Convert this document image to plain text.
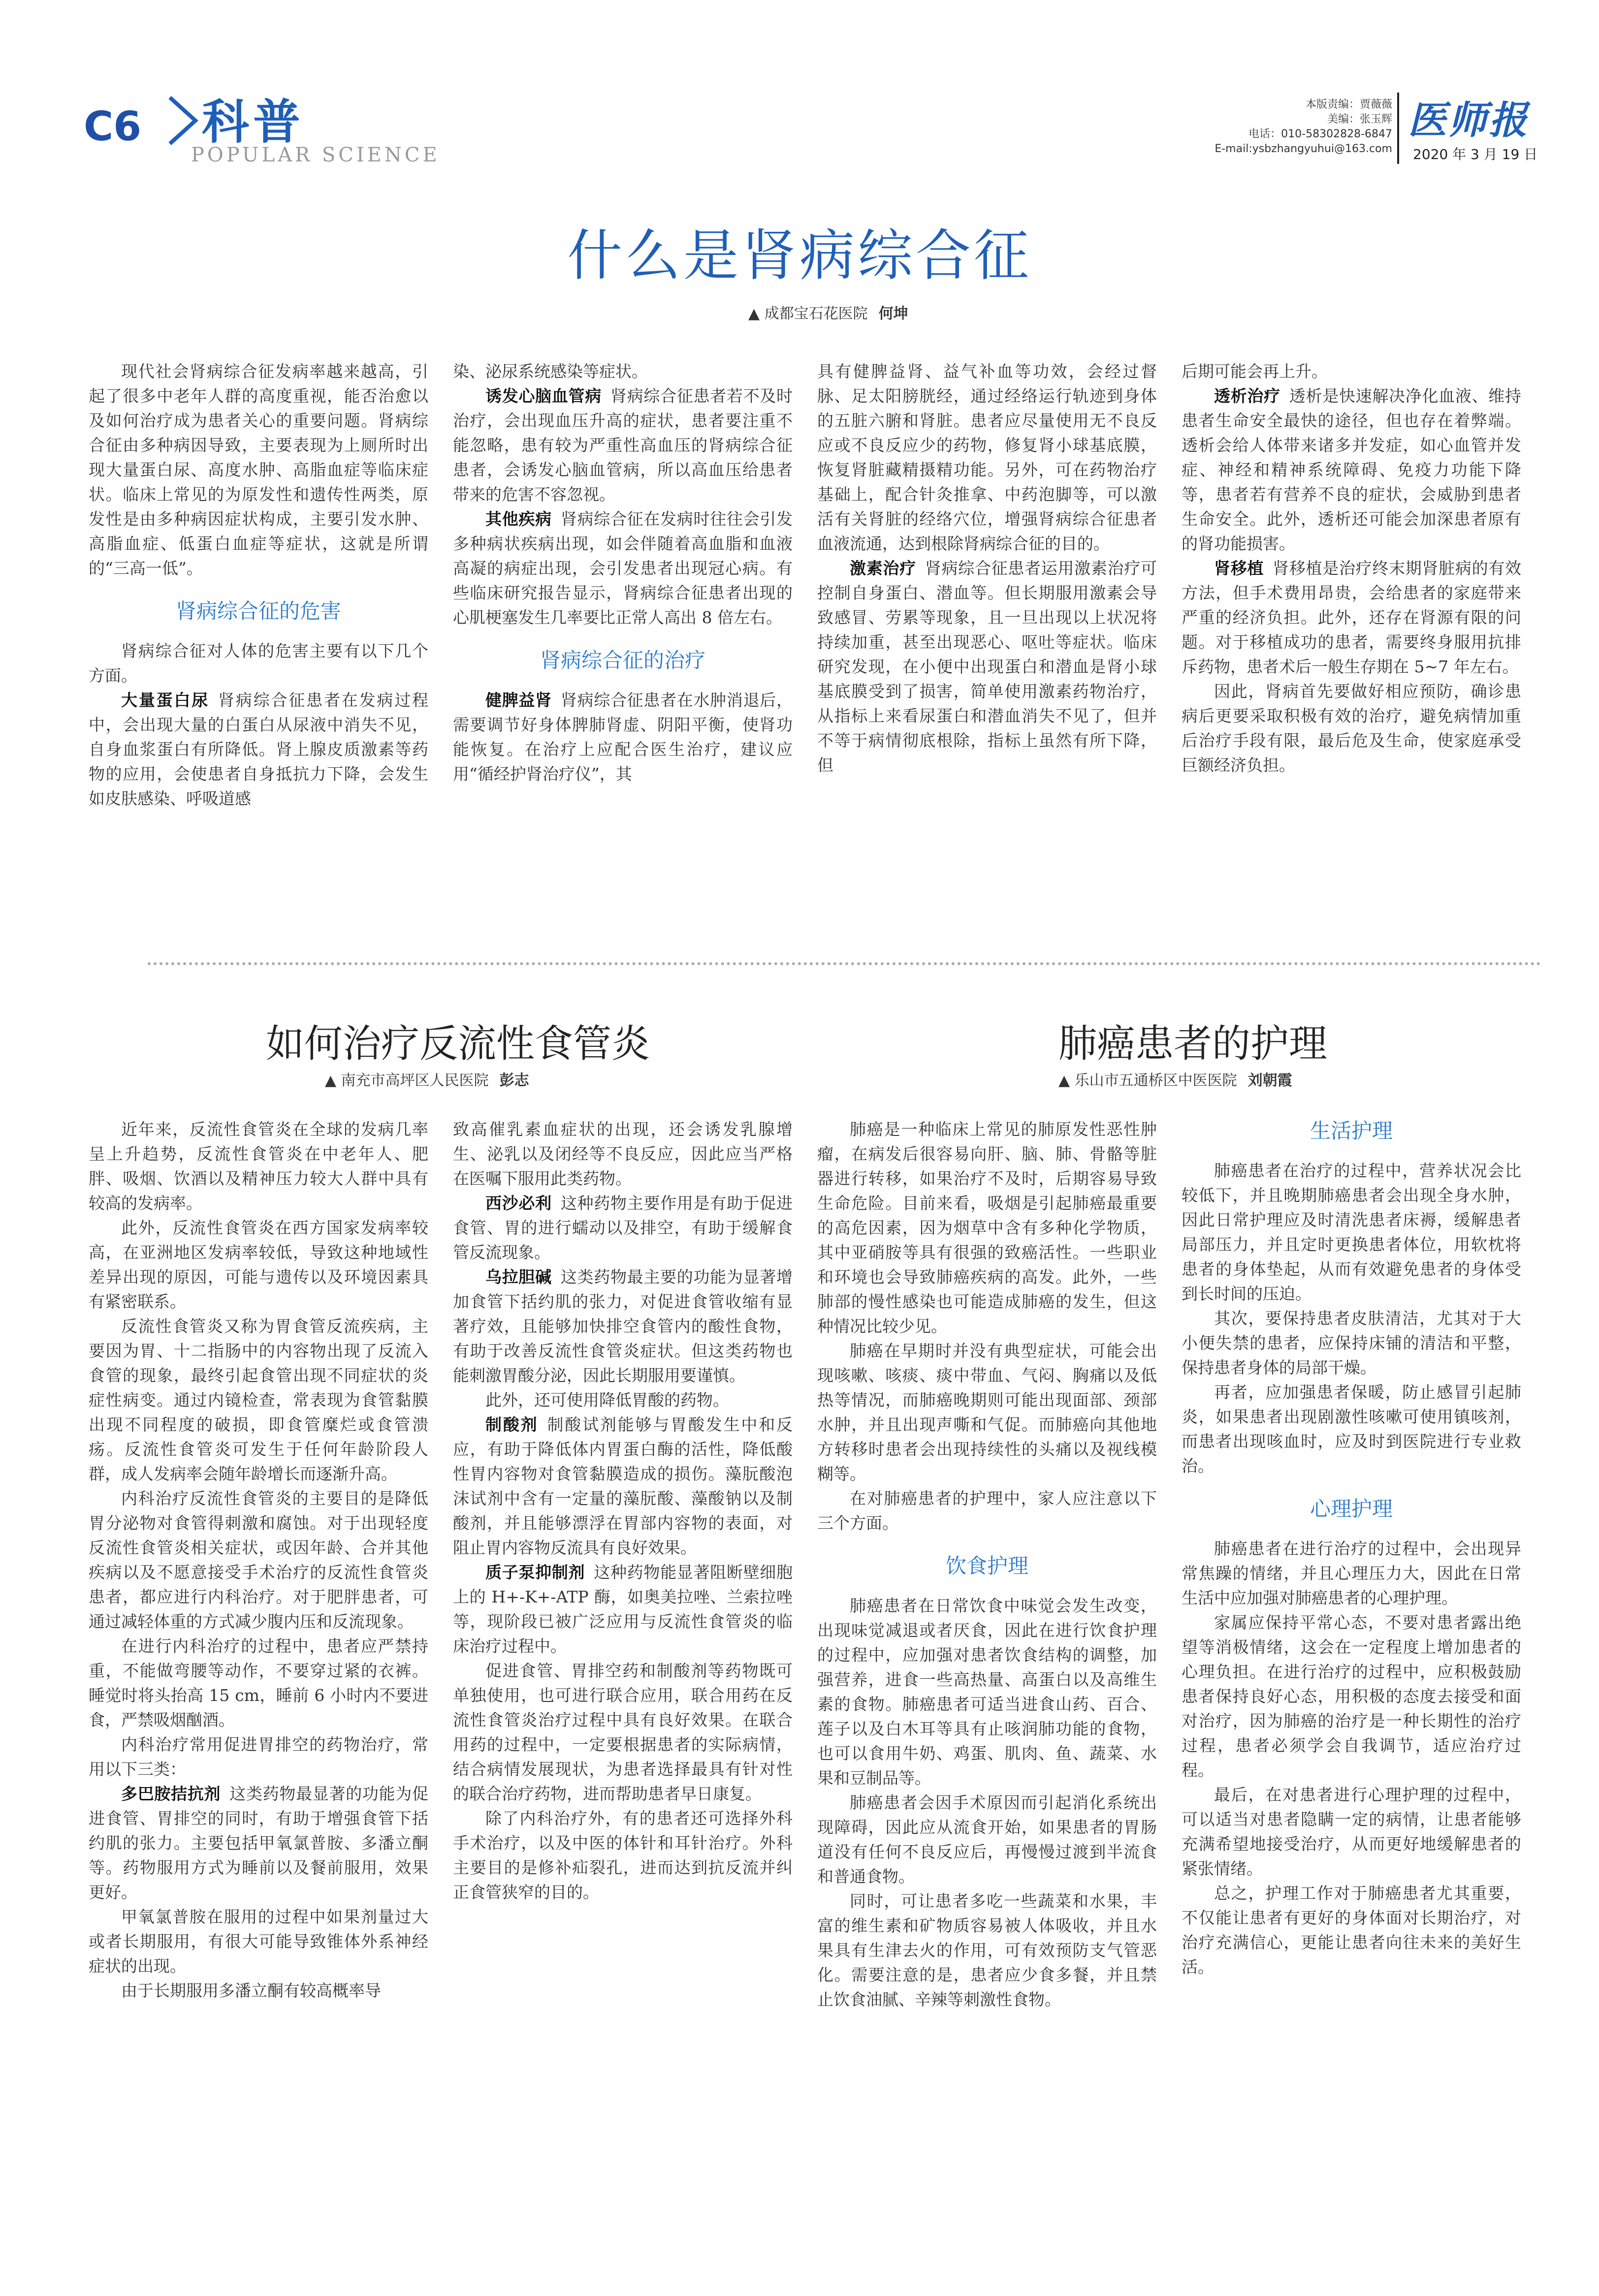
C6 科普
POPULAR SCIENCE
本版责编：贾薇薇
美编：张玉辉
电话：010-58302828-6847
E-mail:ysbzhangyuhui@163.com
医师报
2020 年 3 月 19 日
什么是肾病综合征
▲ 成都宝石花医院 何坤

现代社会肾病综合征发病率越来越高，引起了很多中老年人群的高度重视，能否治愈以及如何治疗成为患者关心的重要问题。肾病综合征由多种病因导致，主要表现为上厕所时出现大量蛋白尿、高度水肿、高脂血症等临床症状。临床上常见的为原发性和遗传性两类，原发性是由多种病因症状构成，主要引发水肿、高脂血症、低蛋白血症等症状，这就是所谓的“三高一低”。

肾病综合征的危害

肾病综合征对人体的危害主要有以下几个方面。

大量蛋白尿 肾病综合征患者在发病过程中，会出现大量的白蛋白从尿液中消失不见，自身血浆蛋白有所降低。肾上腺皮质激素等药物的应用，会使患者自身抵抗力下降，会发生如皮肤感染、呼吸道感

染、泌尿系统感染等症状。

诱发心脑血管病 肾病综合征患者若不及时治疗，会出现血压升高的症状，患者要注重不能忽略，患有较为严重性高血压的肾病综合征患者，会诱发心脑血管病，所以高血压给患者带来的危害不容忽视。

其他疾病 肾病综合征在发病时往往会引发多种病状疾病出现，如会伴随着高血脂和血液高凝的病症出现，会引发患者出现冠心病。有些临床研究报告显示，肾病综合征患者出现的心肌梗塞发生几率要比正常人高出 8 倍左右。

肾病综合征的治疗

健脾益肾 肾病综合征患者在水肿消退后，需要调节好身体脾肺肾虚、阴阳平衡，使肾功能恢复。在治疗上应配合医生治疗，建议应用“循经护肾治疗仪”，其

具有健脾益肾、益气补血等功效，会经过督脉、足太阳膀胱经，通过经络运行轨迹到身体的五脏六腑和肾脏。患者应尽量使用无不良反应或不良反应少的药物，修复肾小球基底膜，恢复肾脏藏精摄精功能。另外，可在药物治疗基础上，配合针灸推拿、中药泡脚等，可以激活有关肾脏的经络穴位，增强肾病综合征患者血液流通，达到根除肾病综合征的目的。

激素治疗 肾病综合征患者运用激素治疗可控制自身蛋白、潜血等。但长期服用激素会导致感冒、劳累等现象，且一旦出现以上状况将持续加重，甚至出现恶心、呕吐等症状。临床研究发现，在小便中出现蛋白和潜血是肾小球基底膜受到了损害，简单使用激素药物治疗，从指标上来看尿蛋白和潜血消失不见了，但并不等于病情彻底根除，指标上虽然有所下降，但

后期可能会再上升。

透析治疗 透析是快速解决净化血液、维持患者生命安全最快的途径，但也存在着弊端。透析会给人体带来诸多并发症，如心血管并发症、神经和精神系统障碍、免疫力功能下降等，患者若有营养不良的症状，会威胁到患者生命安全。此外，透析还可能会加深患者原有的肾功能损害。

肾移植 肾移植是治疗终末期肾脏病的有效方法，但手术费用昂贵，会给患者的家庭带来严重的经济负担。此外，还存在肾源有限的问题。对于移植成功的患者，需要终身服用抗排斥药物，患者术后一般生存期在 5~7 年左右。

因此，肾病首先要做好相应预防，确诊患病后更要采取积极有效的治疗，避免病情加重后治疗手段有限，最后危及生命，使家庭承受巨额经济负担。

如何治疗反流性食管炎
▲ 南充市高坪区人民医院 彭志

近年来，反流性食管炎在全球的发病几率呈上升趋势，反流性食管炎在中老年人、肥胖、吸烟、饮酒以及精神压力较大人群中具有较高的发病率。

此外，反流性食管炎在西方国家发病率较高，在亚洲地区发病率较低，导致这种地域性差异出现的原因，可能与遗传以及环境因素具有紧密联系。

反流性食管炎又称为胃食管反流疾病，主要因为胃、十二指肠中的内容物出现了反流入食管的现象，最终引起食管出现不同症状的炎症性病变。通过内镜检查，常表现为食管黏膜出现不同程度的破损，即食管糜烂或食管溃疡。反流性食管炎可发生于任何年龄阶段人群，成人发病率会随年龄增长而逐渐升高。

内科治疗反流性食管炎的主要目的是降低胃分泌物对食管得刺激和腐蚀。对于出现轻度反流性食管炎相关症状，或因年龄、合并其他疾病以及不愿意接受手术治疗的反流性食管炎患者，都应进行内科治疗。对于肥胖患者，可通过减轻体重的方式减少腹内压和反流现象。

在进行内科治疗的过程中，患者应严禁持重，不能做弯腰等动作，不要穿过紧的衣裤。睡觉时将头抬高 15 cm，睡前 6 小时内不要进食，严禁吸烟酗酒。

内科治疗常用促进胃排空的药物治疗，常用以下三类：

多巴胺拮抗剂 这类药物最显著的功能为促进食管、胃排空的同时，有助于增强食管下括约肌的张力。主要包括甲氧氯普胺、多潘立酮等。药物服用方式为睡前以及餐前服用，效果更好。

甲氧氯普胺在服用的过程中如果剂量过大或者长期服用，有很大可能导致锥体外系神经症状的出现。

由于长期服用多潘立酮有较高概率导

致高催乳素血症状的出现，还会诱发乳腺增生、泌乳以及闭经等不良反应，因此应当严格在医嘱下服用此类药物。

西沙必利 这种药物主要作用是有助于促进食管、胃的进行蠕动以及排空，有助于缓解食管反流现象。

乌拉胆碱 这类药物最主要的功能为显著增加食管下括约肌的张力，对促进食管收缩有显著疗效，且能够加快排空食管内的酸性食物，有助于改善反流性食管炎症状。但这类药物也能刺激胃酸分泌，因此长期服用要谨慎。

此外，还可使用降低胃酸的药物。

制酸剂 制酸试剂能够与胃酸发生中和反应，有助于降低体内胃蛋白酶的活性，降低酸性胃内容物对食管黏膜造成的损伤。藻朊酸泡沫试剂中含有一定量的藻朊酸、藻酸钠以及制酸剂，并且能够漂浮在胃部内容物的表面，对阻止胃内容物反流具有良好效果。

质子泵抑制剂 这种药物能显著阻断壁细胞上的 H+-K+-ATP 酶，如奥美拉唑、兰索拉唑等，现阶段已被广泛应用与反流性食管炎的临床治疗过程中。

促进食管、胃排空药和制酸剂等药物既可单独使用，也可进行联合应用，联合用药在反流性食管炎治疗过程中具有良好效果。在联合用药的过程中，一定要根据患者的实际病情，结合病情发展现状，为患者选择最具有针对性的联合治疗药物，进而帮助患者早日康复。

除了内科治疗外，有的患者还可选择外科手术治疗，以及中医的体针和耳针治疗。外科主要目的是修补疝裂孔，进而达到抗反流并纠正食管狭窄的目的。

肺癌患者的护理
▲ 乐山市五通桥区中医医院 刘朝霞

肺癌是一种临床上常见的肺原发性恶性肿瘤，在病发后很容易向肝、脑、肺、骨骼等脏器进行转移，如果治疗不及时，后期容易导致生命危险。目前来看，吸烟是引起肺癌最重要的高危因素，因为烟草中含有多种化学物质，其中亚硝胺等具有很强的致癌活性。一些职业和环境也会导致肺癌疾病的高发。此外，一些肺部的慢性感染也可能造成肺癌的发生，但这种情况比较少见。

肺癌在早期时并没有典型症状，可能会出现咳嗽、咳痰、痰中带血、气闷、胸痛以及低热等情况，而肺癌晚期则可能出现面部、颈部水肿，并且出现声嘶和气促。而肺癌向其他地方转移时患者会出现持续性的头痛以及视线模糊等。

在对肺癌患者的护理中，家人应注意以下三个方面。

饮食护理

肺癌患者在日常饮食中味觉会发生改变，出现味觉减退或者厌食，因此在进行饮食护理的过程中，应加强对患者饮食结构的调整，加强营养，进食一些高热量、高蛋白以及高维生素的食物。肺癌患者可适当进食山药、百合、莲子以及白木耳等具有止咳润肺功能的食物，也可以食用牛奶、鸡蛋、肌肉、鱼、蔬菜、水果和豆制品等。

肺癌患者会因手术原因而引起消化系统出现障碍，因此应从流食开始，如果患者的胃肠道没有任何不良反应后，再慢慢过渡到半流食和普通食物。

同时，可让患者多吃一些蔬菜和水果，丰富的维生素和矿物质容易被人体吸收，并且水果具有生津去火的作用，可有效预防支气管恶化。需要注意的是，患者应少食多餐，并且禁止饮食油腻、辛辣等刺激性食物。

生活护理

肺癌患者在治疗的过程中，营养状况会比较低下，并且晚期肺癌患者会出现全身水肿，因此日常护理应及时清洗患者床褥，缓解患者局部压力，并且定时更换患者体位，用软枕将患者的身体垫起，从而有效避免患者的身体受到长时间的压迫。

其次，要保持患者皮肤清洁，尤其对于大小便失禁的患者，应保持床铺的清洁和平整，保持患者身体的局部干燥。

再者，应加强患者保暖，防止感冒引起肺炎，如果患者出现剧激性咳嗽可使用镇咳剂，而患者出现咳血时，应及时到医院进行专业救治。

心理护理

肺癌患者在进行治疗的过程中，会出现异常焦躁的情绪，并且心理压力大，因此在日常生活中应加强对肺癌患者的心理护理。

家属应保持平常心态，不要对患者露出绝望等消极情绪，这会在一定程度上增加患者的心理负担。在进行治疗的过程中，应积极鼓励患者保持良好心态，用积极的态度去接受和面对治疗，因为肺癌的治疗是一种长期性的治疗过程，患者必须学会自我调节，适应治疗过程。

最后，在对患者进行心理护理的过程中，可以适当对患者隐瞒一定的病情，让患者能够充满希望地接受治疗，从而更好地缓解患者的紧张情绪。

总之，护理工作对于肺癌患者尤其重要，不仅能让患者有更好的身体面对长期治疗，对治疗充满信心，更能让患者向往未来的美好生活。
